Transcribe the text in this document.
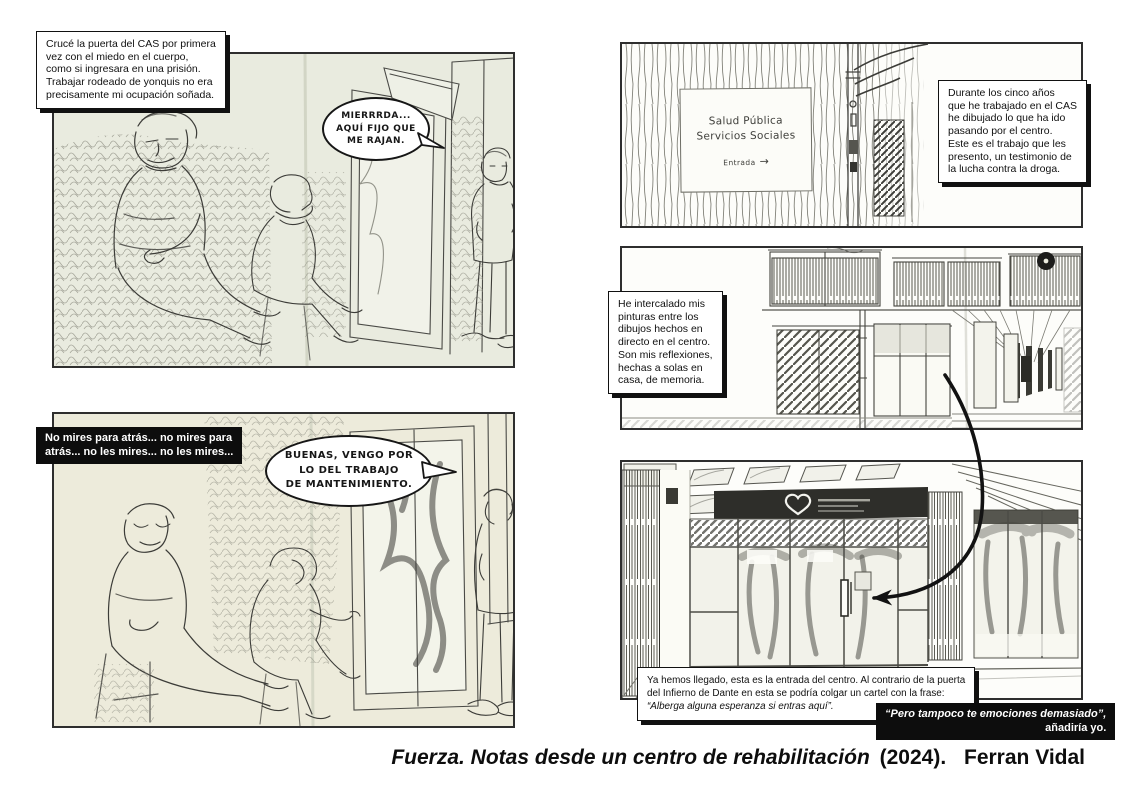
MIERRRDA...
AQUÍ FIJO QUE
ME RAJAN.
BUENAS, VENGO POR
LO DEL TRABAJO
DE MANTENIMIENTO.
Salud Pública
Servicios Sociales
Entrada →
Crucé la puerta del CAS por primera
vez con el miedo en el cuerpo,
como si ingresara en una prisión.
Trabajar rodeado de yonquis no era
precisamente mi ocupación soñada.
No mires para atrás... no mires para
atrás... no les mires... no les mires...
Durante los cinco años
que he trabajado en el CAS
he dibujado lo que ha ido
pasando por el centro.
Este es el trabajo que les
presento, un testimonio de
la lucha contra la droga.
He intercalado mis
pinturas entre los
dibujos hechos en
directo en el centro.
Son mis reflexiones,
hechas a solas en
casa, de memoria.
Ya hemos llegado, esta es la entrada del centro. Al contrario de la puerta
del Infierno de Dante en esta se podría colgar un cartel con la frase:
“Alberga alguna esperanza si entras aquí”.
“Pero tampoco te emociones demasiado”,
añadiría yo.
Fuerza. Notas desde un centro de rehabilitación (2024). Ferran Vidal
